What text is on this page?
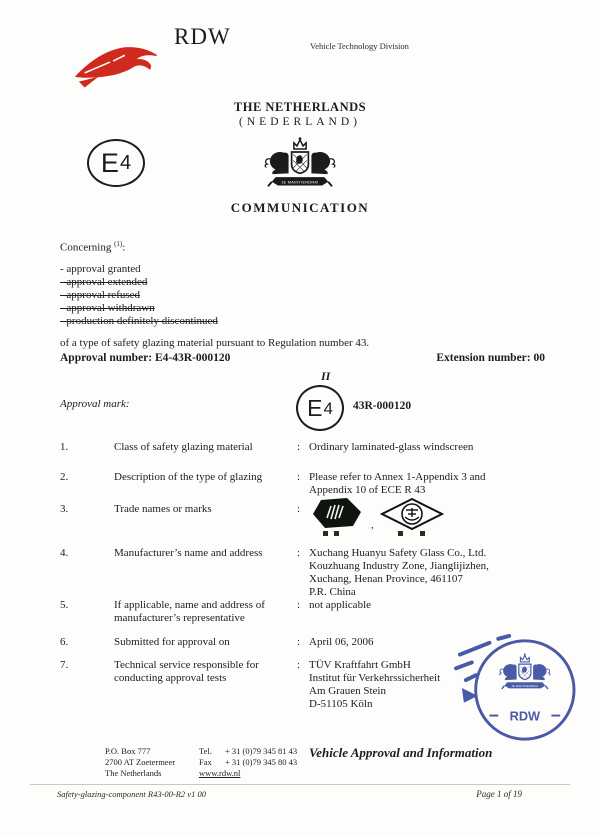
RDW	Vehicle Technology Division
THE NETHERLANDS
(NEDERLAND)
E 4
COMMUNICATION
Concerning $^{(1)}$:
- approval granted
- approval extended
- approval refused
- approval withdrawn
- production definitely discontinued
of a type of safety glazing material pursuant to Regulation number 43.
Approval number: E4-43R-000120	Extension number: 00
Approval mark:
II
E 4 43R-000120
1.	Class of safety glazing material	: Ordinary laminated-glass windscreen
2.	Description of the type of glazing	: Please refer to Annex 1-Appendix 3 and
Appendix 10 of ECE R 43
3.	Trade names or marks	:
,
4.	Manufacturer’s name and address	: Xuchang Huanyu Safety Glass Co., Ltd.
Kouzhuang Industry Zone, Jianglijizhen,
Xuchang, Henan Province, 461107
P.R. China
5.	If applicable, name and address of
manufacturer’s representative
: not applicable
6.	Submitted for approval on	: April 06, 2006
7.	Technical service responsible for
conducting approval tests
: TÜV Kraftfahrt GmbH
Institut für Verkehrssicherheit
Am Grauen Stein
D-51105 Köln
RDW
P.O. Box 777
2700 AT Zoetermeer
The Netherlands
Tel.	+ 31 (0)79 345 81 43
Fax	+ 31 (0)79 345 80 43
www.rdw.nl
Vehicle Approval and Information
Safety-glazing-component R43-00-R2 v1 00	Page 1 of 19
